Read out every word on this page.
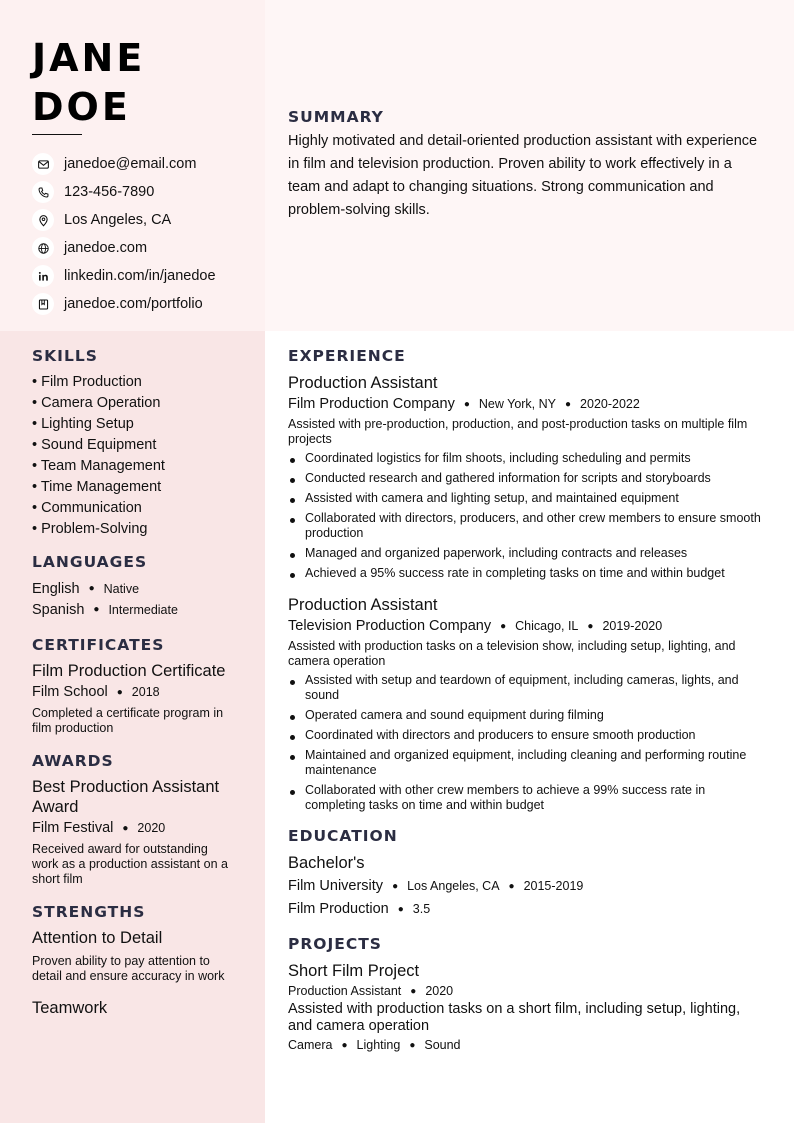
JANE
DOE
janedoe@email.com
123-456-7890
Los Angeles, CA
janedoe.com
linkedin.com/in/janedoe
janedoe.com/portfolio
SUMMARY

Highly motivated and detail-oriented production assistant with experience in film and television production. Proven ability to work effectively in a team and adapt to changing situations. Strong communication and problem-solving skills.

SKILLS
• Film Production
• Camera Operation
• Lighting Setup
• Sound Equipment
• Team Management
• Time Management
• Communication
• Problem-Solving
LANGUAGES
English ● Native
Spanish ● Intermediate
CERTIFICATES
Film Production Certificate
Film School ● 2018
Completed a certificate program in film production
AWARDS
Best Production Assistant Award
Film Festival ● 2020
Received award for outstanding work as a production assistant on a short film
STRENGTHS
Attention to Detail
Proven ability to pay attention to detail and ensure accuracy in work
Teamwork
EXPERIENCE
Production Assistant
Film Production Company ● New York, NY ● 2020-2022
Assisted with pre-production, production, and post-production tasks on multiple film projects
Coordinated logistics for film shoots, including scheduling and permits
Conducted research and gathered information for scripts and storyboards
Assisted with camera and lighting setup, and maintained equipment
Collaborated with directors, producers, and other crew members to ensure smooth production
Managed and organized paperwork, including contracts and releases
Achieved a 95% success rate in completing tasks on time and within budget
Production Assistant
Television Production Company ● Chicago, IL ● 2019-2020
Assisted with production tasks on a television show, including setup, lighting, and camera operation
Assisted with setup and teardown of equipment, including cameras, lights, and sound
Operated camera and sound equipment during filming
Coordinated with directors and producers to ensure smooth production
Maintained and organized equipment, including cleaning and performing routine maintenance
Collaborated with other crew members to achieve a 99% success rate in completing tasks on time and within budget
EDUCATION
Bachelor's
Film University ● Los Angeles, CA ● 2015-2019
Film Production ● 3.5
PROJECTS
Short Film Project
Production Assistant ● 2020
Assisted with production tasks on a short film, including setup, lighting, and camera operation
Camera ● Lighting ● Sound
